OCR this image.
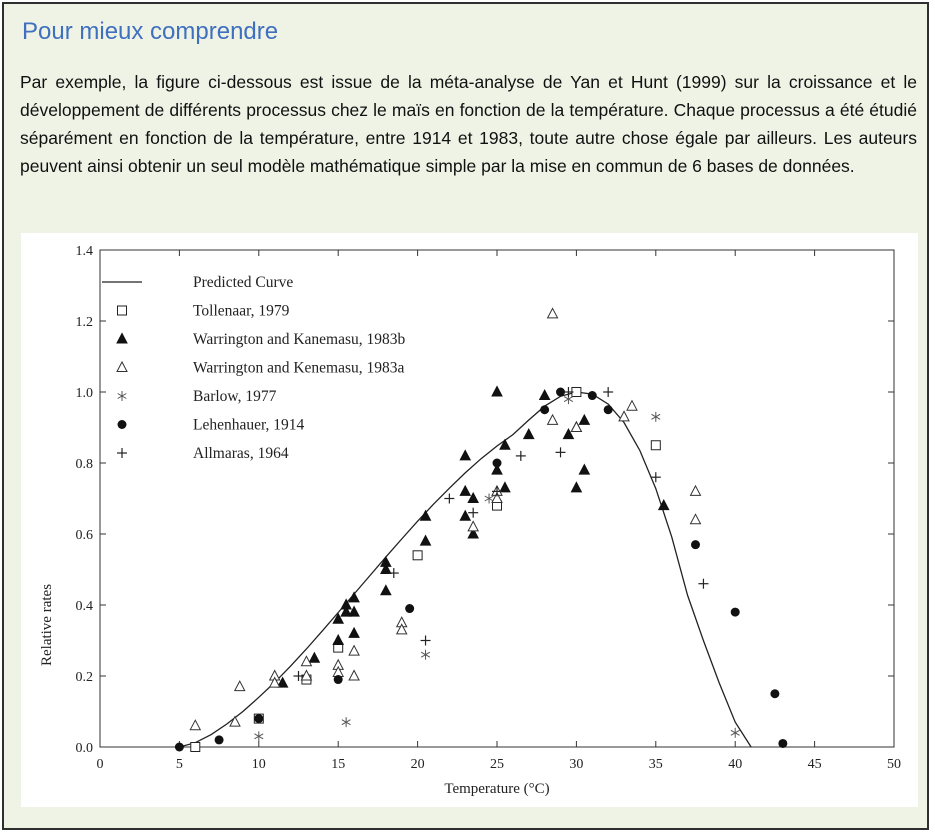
Pour mieux comprendre
Par exemple, la figure ci-dessous est issue de la méta-analyse de Yan et Hunt (1999) sur la croissance et le développement de différents processus chez le maïs en fonction de la température. Chaque processus a été étudié séparément en fonction de la température, entre 1914 et 1983, toute autre chose égale par ailleurs. Les auteurs peuvent ainsi obtenir un seul modèle mathématique simple par la mise en commun de 6 bases de données.
0	5	10	15	20	25	30	35	40	45	50
0.0
0.2
0.4
0.6
0.8
1.0
1.2
1.4
Predicted Curve
Tollenaar, 1979
Warrington and Kanemasu, 1983b
Warrington and Kenemasu, 1983a
Barlow, 1977
Lehenhauer, 1914
Allmaras, 1964
Temperature (°C)
Relative rates
